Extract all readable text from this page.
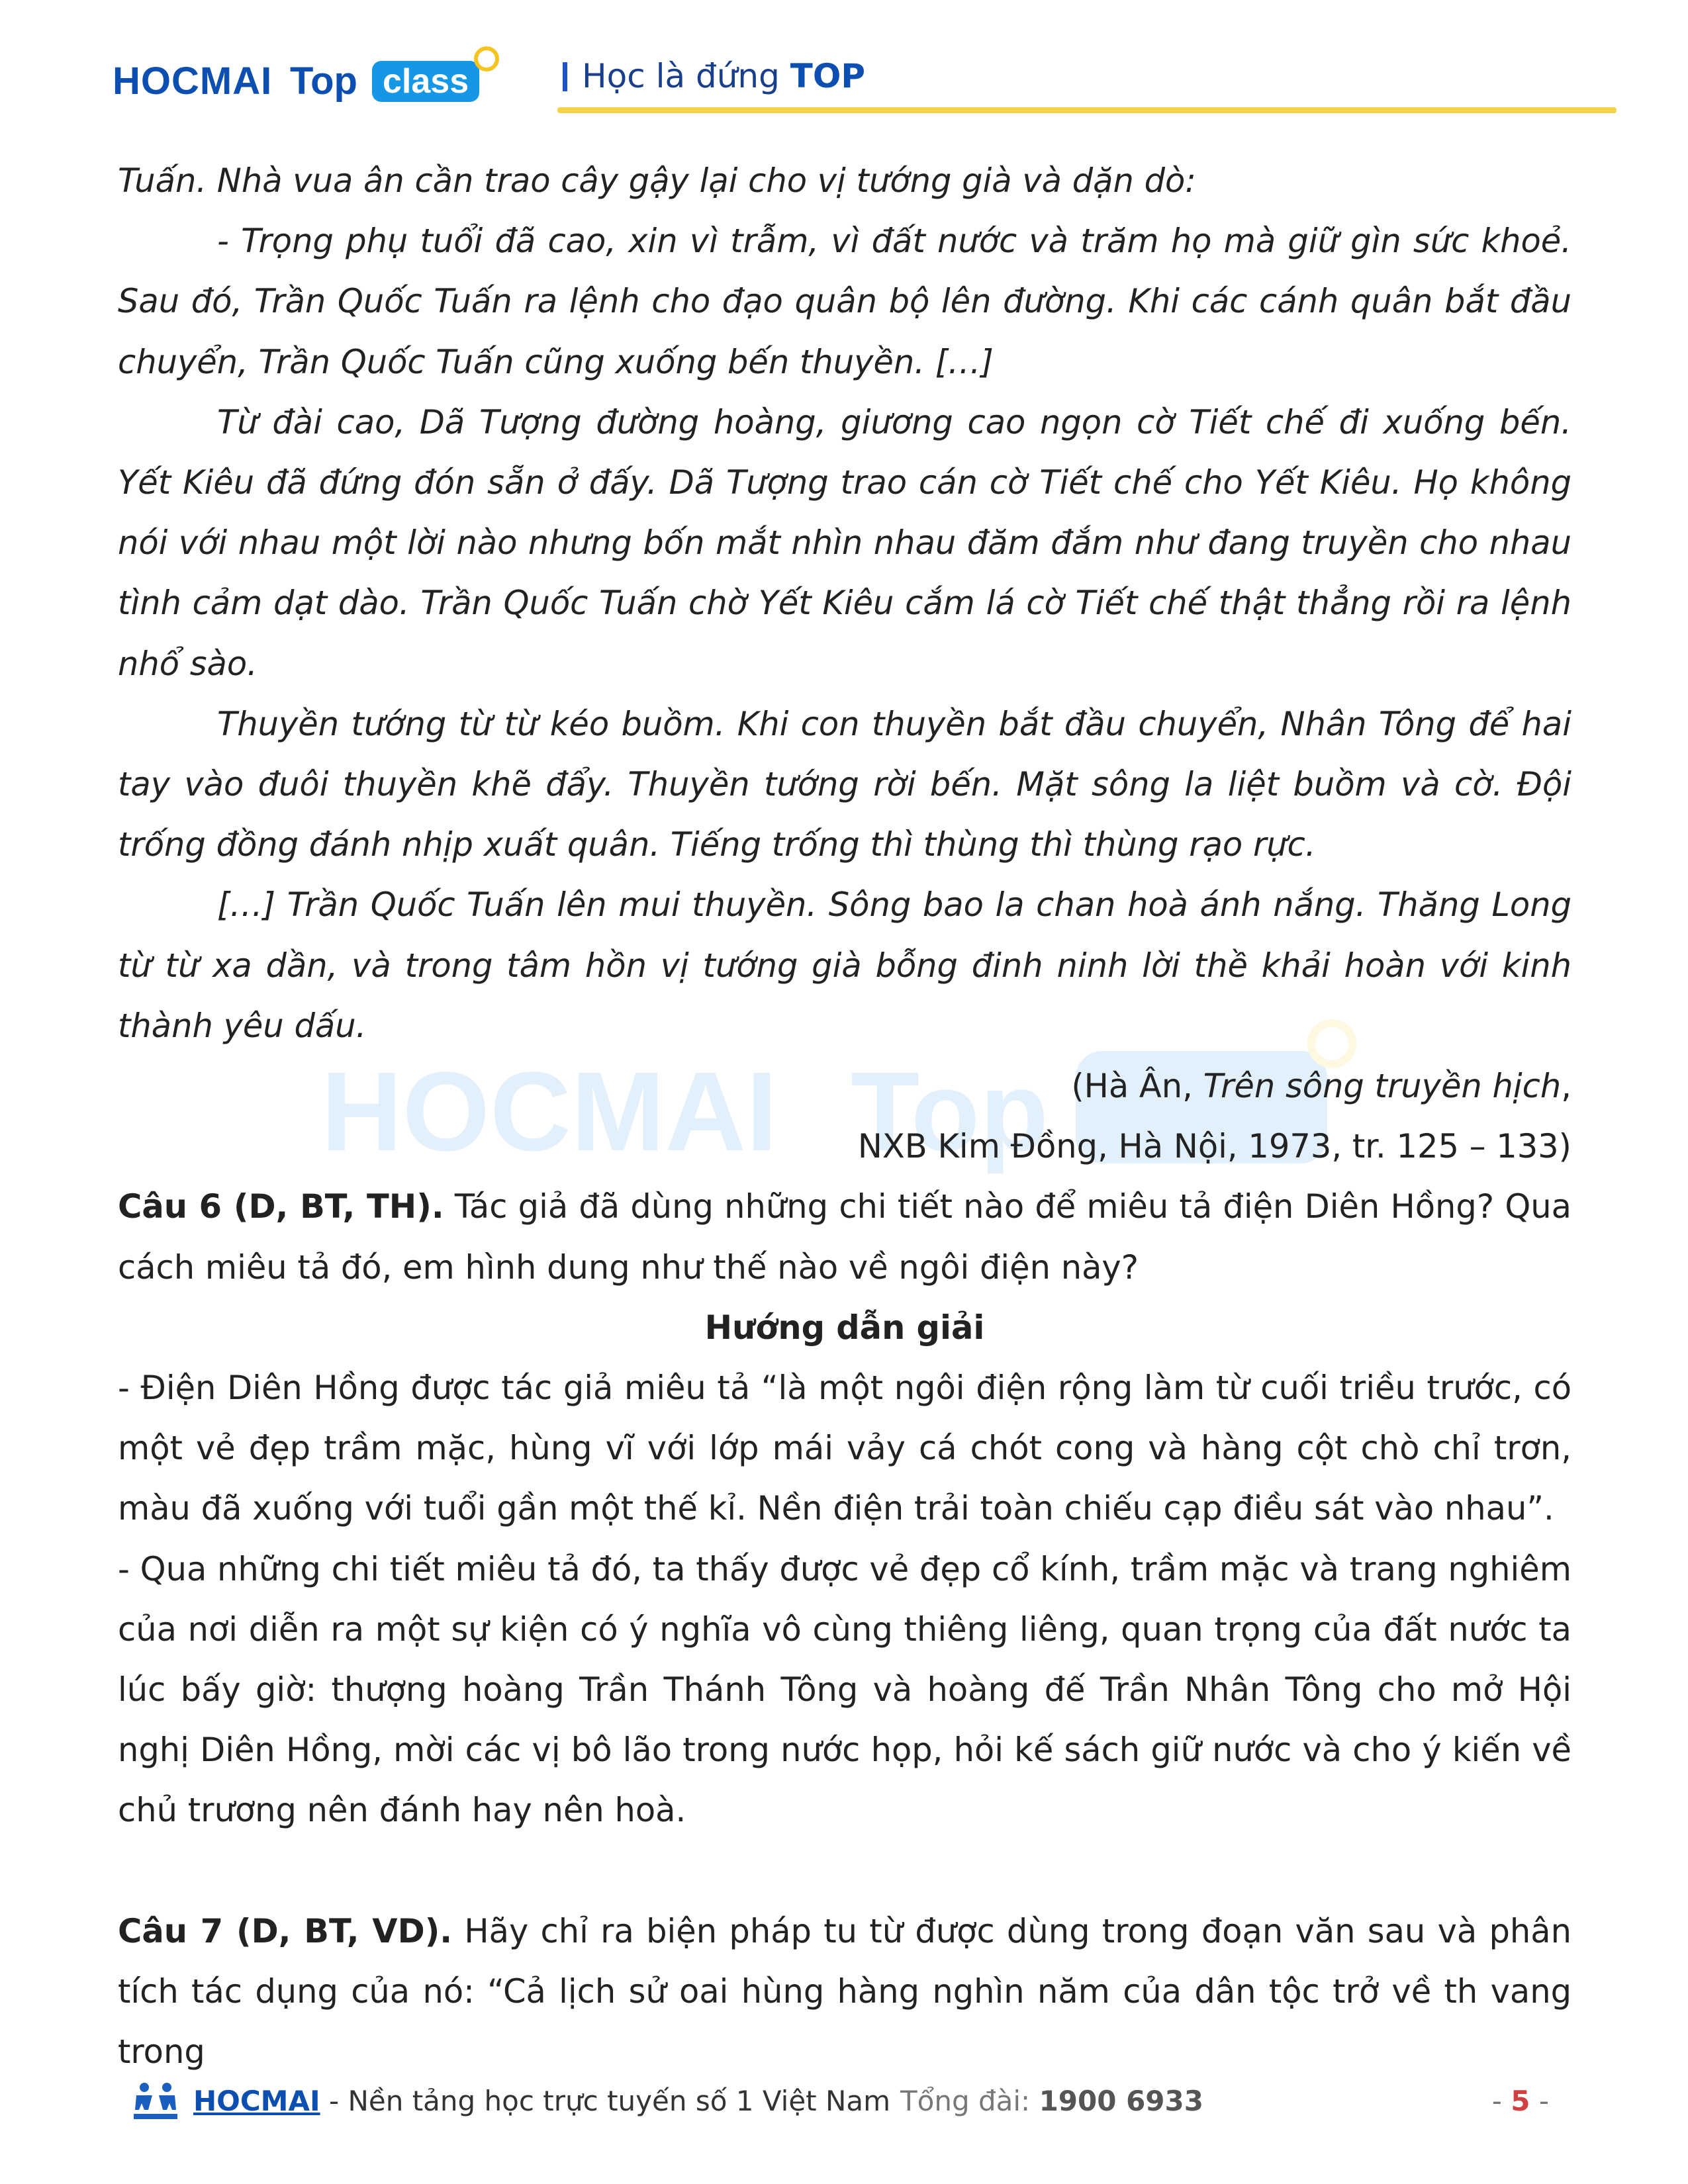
HOCMAI Top class	Học là đứng TOP
HOCMAI Top

Tuấn. Nhà vua ân cần trao cây gậy lại cho vị tướng già và dặn dò:

- Trọng phụ tuổi đã cao, xin vì trẫm, vì đất nước và trăm họ mà giữ gìn sức khoẻ. Sau đó, Trần Quốc Tuấn ra lệnh cho đạo quân bộ lên đường. Khi các cánh quân bắt đầu chuyển, Trần Quốc Tuấn cũng xuống bến thuyền. […]

Từ đài cao, Dã Tượng đường hoàng, giương cao ngọn cờ Tiết chế đi xuống bến. Yết Kiêu đã đứng đón sẵn ở đấy. Dã Tượng trao cán cờ Tiết chế cho Yết Kiêu. Họ không nói với nhau một lời nào nhưng bốn mắt nhìn nhau đăm đắm như đang truyền cho nhau tình cảm dạt dào. Trần Quốc Tuấn chờ Yết Kiêu cắm lá cờ Tiết chế thật thẳng rồi ra lệnh nhổ sào.

Thuyền tướng từ từ kéo buồm. Khi con thuyền bắt đầu chuyển, Nhân Tông để hai tay vào đuôi thuyền khẽ đẩy. Thuyền tướng rời bến. Mặt sông la liệt buồm và cờ. Đội trống đồng đánh nhịp xuất quân. Tiếng trống thì thùng thì thùng rạo rực.

[…] Trần Quốc Tuấn lên mui thuyền. Sông bao la chan hoà ánh nắng. Thăng Long từ từ xa dần, và trong tâm hồn vị tướng già bỗng đinh ninh lời thề khải hoàn với kinh thành yêu dấu.

(Hà Ân, Trên sông truyền hịch,

NXB Kim Đồng, Hà Nội, 1973, tr. 125 – 133)

Câu 6 (D, BT, TH). Tác giả đã dùng những chi tiết nào để miêu tả điện Diên Hồng? Qua cách miêu tả đó, em hình dung như thế nào về ngôi điện này?

Hướng dẫn giải

- Điện Diên Hồng được tác giả miêu tả “là một ngôi điện rộng làm từ cuối triều trước, có một vẻ đẹp trầm mặc, hùng vĩ với lớp mái vảy cá chót cong và hàng cột chò chỉ trơn, màu đã xuống với tuổi gần một thế kỉ. Nền điện trải toàn chiếu cạp điều sát vào nhau”.

- Qua những chi tiết miêu tả đó, ta thấy được vẻ đẹp cổ kính, trầm mặc và trang nghiêm của nơi diễn ra một sự kiện có ý nghĩa vô cùng thiêng liêng, quan trọng của đất nước ta lúc bấy giờ: thượng hoàng Trần Thánh Tông và hoàng đế Trần Nhân Tông cho mở Hội nghị Diên Hồng, mời các vị bô lão trong nước họp, hỏi kế sách giữ nước và cho ý kiến về chủ trương nên đánh hay nên hoà.

Câu 7 (D, BT, VD). Hãy chỉ ra biện pháp tu từ được dùng trong đoạn văn sau và phân tích tác dụng của nó: “Cả lịch sử oai hùng hàng nghìn năm của dân tộc trở về th vang trong

HOCMAI - Nền tảng học trực tuyến số 1 Việt Nam Tổng đài: 1900 6933	- 5 -
